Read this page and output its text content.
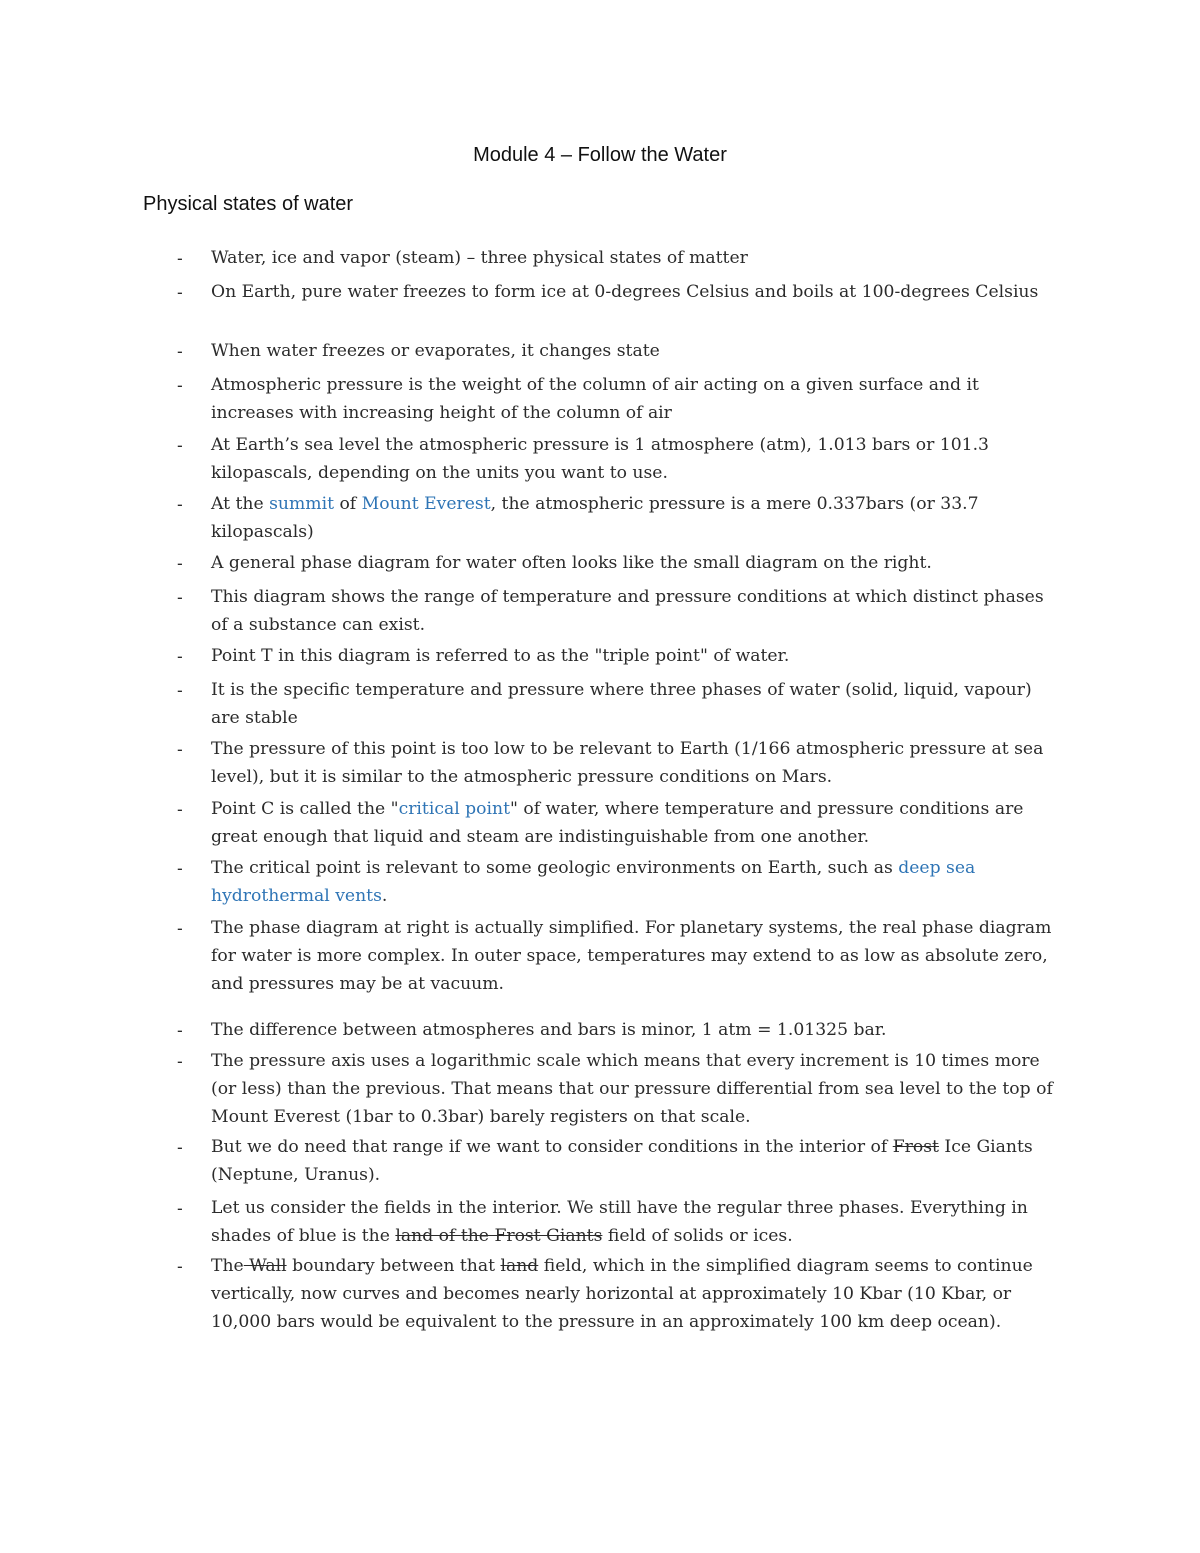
Module 4 – Follow the Water
Physical states of water
- Water, ice and vapor (steam) – three physical states of matter
- On Earth, pure water freezes to form ice at 0-degrees Celsius and boils at 100-degrees Celsius
- When water freezes or evaporates, it changes state
- Atmospheric pressure is the weight of the column of air acting on a given surface and it increases with increasing height of the column of air
- At Earth’s sea level the atmospheric pressure is 1 atmosphere (atm), 1.013 bars or 101.3 kilopascals, depending on the units you want to use.
- At the summit of Mount Everest, the atmospheric pressure is a mere 0.337bars (or 33.7 kilopascals)
- A general phase diagram for water often looks like the small diagram on the right.
- This diagram shows the range of temperature and pressure conditions at which distinct phases of a substance can exist.
- Point T in this diagram is referred to as the "triple point" of water.
- It is the specific temperature and pressure where three phases of water (solid, liquid, vapour) are stable
- The pressure of this point is too low to be relevant to Earth (1/166 atmospheric pressure at sea level), but it is similar to the atmospheric pressure conditions on Mars.
- Point C is called the "critical point" of water, where temperature and pressure conditions are great enough that liquid and steam are indistinguishable from one another.
- The critical point is relevant to some geologic environments on Earth, such as deep sea hydrothermal vents.
- The phase diagram at right is actually simplified. For planetary systems, the real phase diagram for water is more complex. In outer space, temperatures may extend to as low as absolute zero, and pressures may be at vacuum.
- The difference between atmospheres and bars is minor, 1 atm = 1.01325 bar.
- The pressure axis uses a logarithmic scale which means that every increment is 10 times more (or less) than the previous. That means that our pressure differential from sea level to the top of Mount Everest (1bar to 0.3bar) barely registers on that scale.
- But we do need that range if we want to consider conditions in the interior of Frost Ice Giants (Neptune, Uranus).
- Let us consider the fields in the interior. We still have the regular three phases. Everything in shades of blue is the land of the Frost Giants field of solids or ices.
- The Wall boundary between that land field, which in the simplified diagram seems to continue vertically, now curves and becomes nearly horizontal at approximately 10 Kbar (10 Kbar, or 10,000 bars would be equivalent to the pressure in an approximately 100 km deep ocean).
